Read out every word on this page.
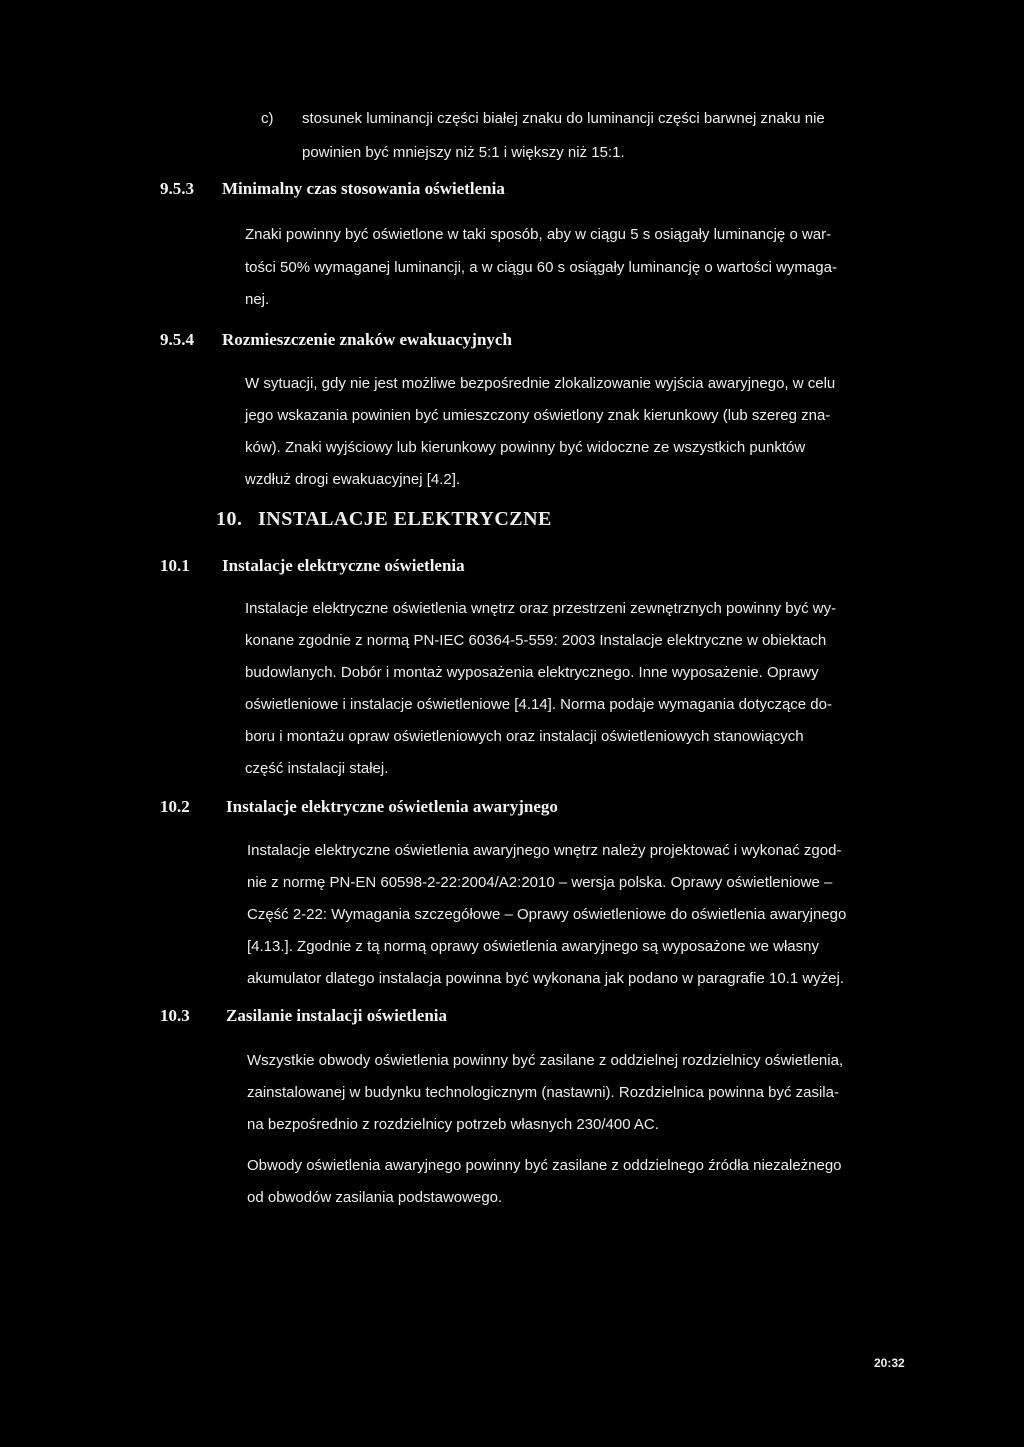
c) stosunek luminancji części białej znaku do luminancji części barwnej znaku nie
powinien być mniejszy niż 5:1 i większy niż 15:1.
9.5.3 Minimalny czas stosowania oświetlenia
Znaki powinny być oświetlone w taki sposób, aby w ciągu 5 s osiągały luminancję o war-
tości 50% wymaganej luminancji, a w ciągu 60 s osiągały luminancję o wartości wymaga-
nej.
9.5.4 Rozmieszczenie znaków ewakuacyjnych
W sytuacji, gdy nie jest możliwe bezpośrednie zlokalizowanie wyjścia awaryjnego, w celu
jego wskazania powinien być umieszczony oświetlony znak kierunkowy (lub szereg zna-
ków). Znaki wyjściowy lub kierunkowy powinny być widoczne ze wszystkich punktów
wzdłuż drogi ewakuacyjnej [4.2].
10. INSTALACJE ELEKTRYCZNE
10.1 Instalacje elektryczne oświetlenia
Instalacje elektryczne oświetlenia wnętrz oraz przestrzeni zewnętrznych powinny być wy-
konane zgodnie z normą PN-IEC 60364-5-559: 2003 Instalacje elektryczne w obiektach
budowlanych. Dobór i montaż wyposażenia elektrycznego. Inne wyposażenie. Oprawy
oświetleniowe i instalacje oświetleniowe [4.14]. Norma podaje wymagania dotyczące do-
boru i montażu opraw oświetleniowych oraz instalacji oświetleniowych stanowiących
część instalacji stałej.
10.2 Instalacje elektryczne oświetlenia awaryjnego
Instalacje elektryczne oświetlenia awaryjnego wnętrz należy projektować i wykonać zgod-
nie z normę PN-EN 60598-2-22:2004/A2:2010 – wersja polska. Oprawy oświetleniowe –
Część 2-22: Wymagania szczegółowe – Oprawy oświetleniowe do oświetlenia awaryjnego
[4.13.]. Zgodnie z tą normą oprawy oświetlenia awaryjnego są wyposażone we własny
akumulator dlatego instalacja powinna być wykonana jak podano w paragrafie 10.1 wyżej.
10.3 Zasilanie instalacji oświetlenia
Wszystkie obwody oświetlenia powinny być zasilane z oddzielnej rozdzielnicy oświetlenia,
zainstalowanej w budynku technologicznym (nastawni). Rozdzielnica powinna być zasila-
na bezpośrednio z rozdzielnicy potrzeb własnych 230/400 AC.
Obwody oświetlenia awaryjnego powinny być zasilane z oddzielnego źródła niezależnego
od obwodów zasilania podstawowego.
20:32
